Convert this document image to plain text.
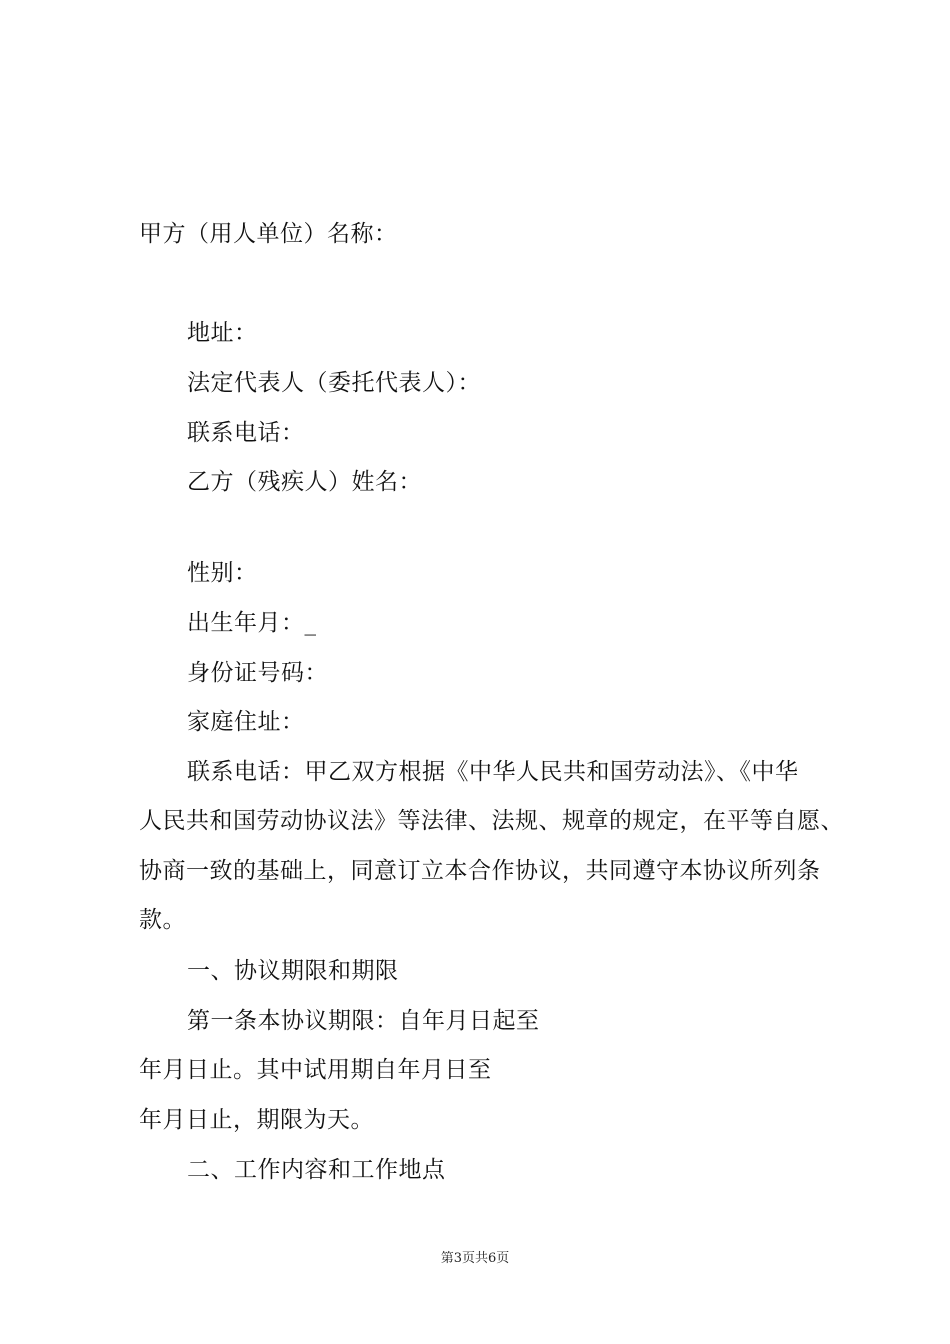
甲方（用人单位）名称：
地址：
法定代表人（委托代表人）：
联系电话：
乙方（残疾人）姓名：
性别：
出生年月：_
身份证号码：
家庭住址：
联系电话：甲乙双方根据《中华人民共和国劳动法》、《中华
人民共和国劳动协议法》等法律、法规、规章的规定，在平等自愿、
协商一致的基础上，同意订立本合作协议，共同遵守本协议所列条
款。
一、协议期限和期限
第一条本协议期限：自年月日起至
年月日止。其中试用期自年月日至
年月日止，期限为天。
二、工作内容和工作地点
第3页共6页
